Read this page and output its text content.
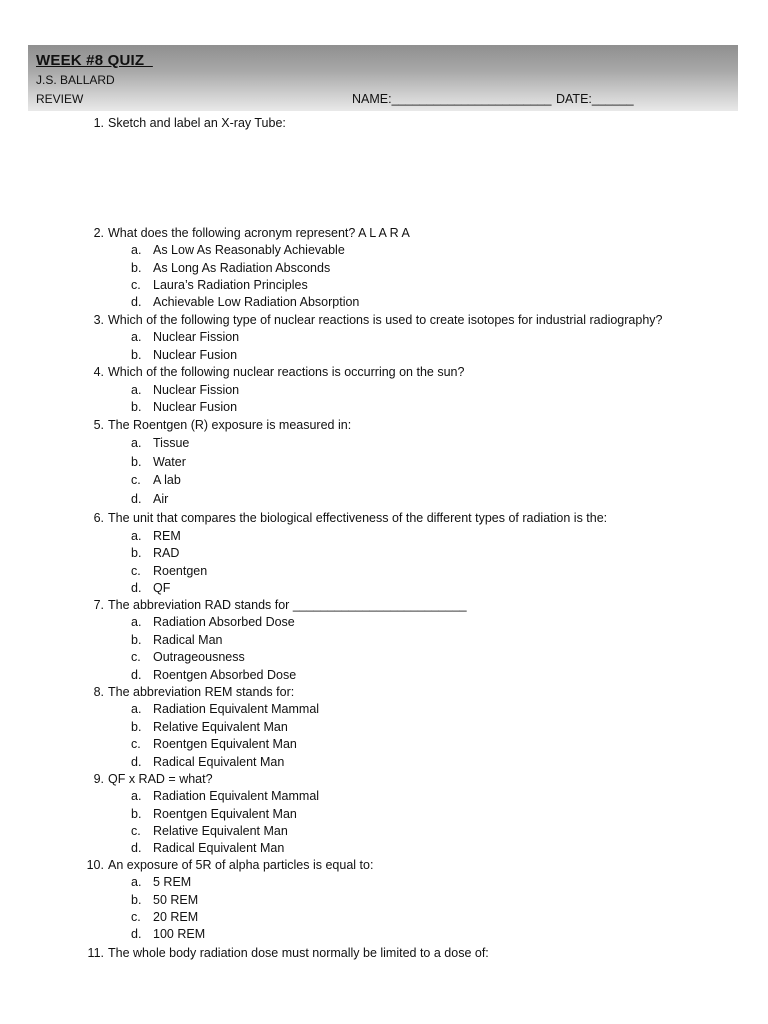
WEEK #8 QUIZ_
J.S. BALLARD
REVIEW	NAME:_______________________ DATE:______
1. Sketch and label an X-ray Tube:
2. What does the following acronym represent? A L A R A
a. As Low As Reasonably Achievable
b. As Long As Radiation Absconds
c. Laura’s Radiation Principles
d. Achievable Low Radiation Absorption
3. Which of the following type of nuclear reactions is used to create isotopes for industrial radiography?
a. Nuclear Fission
b. Nuclear Fusion
4. Which of the following nuclear reactions is occurring on the sun?
a. Nuclear Fission
b. Nuclear Fusion
5. The Roentgen (R) exposure is measured in:
a. Tissue
b. Water
c. A lab
d. Air
6. The unit that compares the biological effectiveness of the different types of radiation is the:
a. REM
b. RAD
c. Roentgen
d. QF
7. The abbreviation RAD stands for _________________________
a. Radiation Absorbed Dose
b. Radical Man
c. Outrageousness
d. Roentgen Absorbed Dose
8. The abbreviation REM stands for:
a. Radiation Equivalent Mammal
b. Relative Equivalent Man
c. Roentgen Equivalent Man
d. Radical Equivalent Man
9. QF x RAD = what?
a. Radiation Equivalent Mammal
b. Roentgen Equivalent Man
c. Relative Equivalent Man
d. Radical Equivalent Man
10. An exposure of 5R of alpha particles is equal to:
a. 5 REM
b. 50 REM
c. 20 REM
d. 100 REM
11. The whole body radiation dose must normally be limited to a dose of:
